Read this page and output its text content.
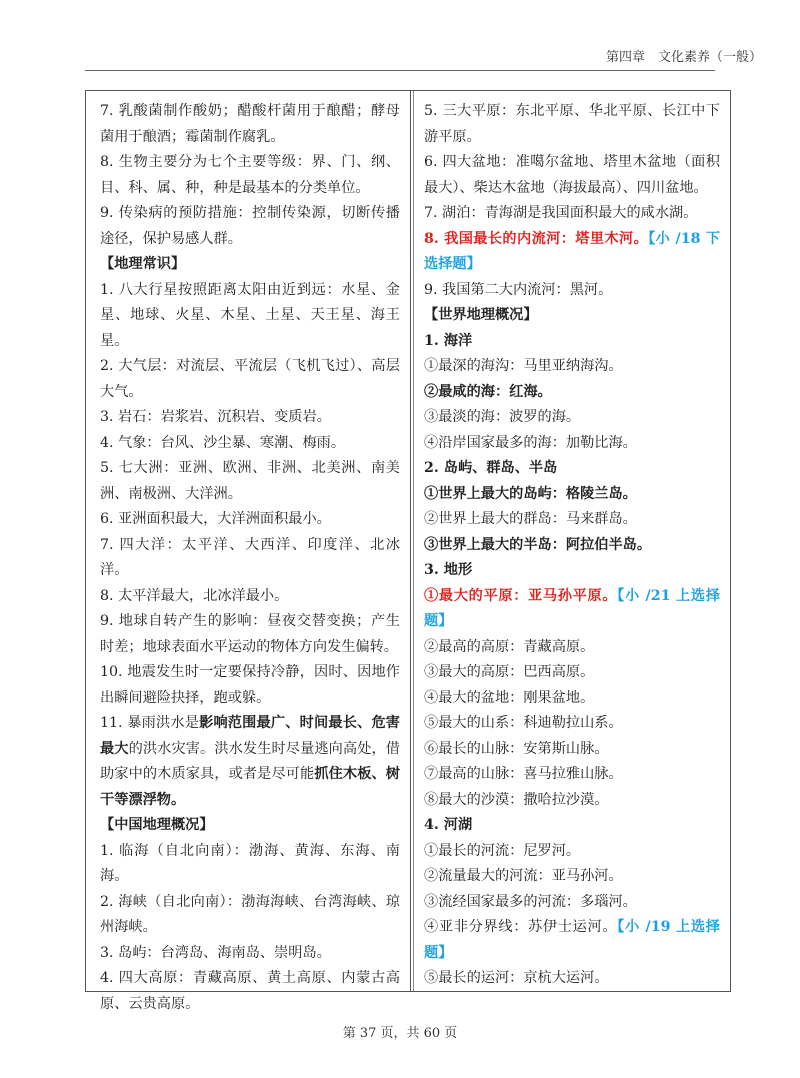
第四章　文化素养（一般）

7. 乳酸菌制作酸奶；醋酸杆菌用于酿醋；酵母菌用于酿酒；霉菌制作腐乳。

8. 生物主要分为七个主要等级：界、门、纲、目、科、属、种，种是最基本的分类单位。

9. 传染病的预防措施：控制传染源，切断传播途径，保护易感人群。

【地理常识】

1. 八大行星按照距离太阳由近到远：水星、金星、地球、火星、木星、土星、天王星、海王星。

2. 大气层：对流层、平流层（飞机飞过）、高层大气。

3. 岩石：岩浆岩、沉积岩、变质岩。

4. 气象：台风、沙尘暴、寒潮、梅雨。

5. 七大洲：亚洲、欧洲、非洲、北美洲、南美洲、南极洲、大洋洲。

6. 亚洲面积最大，大洋洲面积最小。

7. 四大洋：太平洋、大西洋、印度洋、北冰洋。

8. 太平洋最大，北冰洋最小。

9. 地球自转产生的影响：昼夜交替变换；产生时差；地球表面水平运动的物体方向发生偏转。

10. 地震发生时一定要保持冷静，因时、因地作出瞬间避险抉择，跑或躲。

11. 暴雨洪水是影响范围最广、时间最长、危害最大的洪水灾害。洪水发生时尽量逃向高处，借助家中的木质家具，或者是尽可能抓住木板、树干等漂浮物。

【中国地理概况】

1. 临海（自北向南）：渤海、黄海、东海、南海。

2. 海峡（自北向南）：渤海海峡、台湾海峡、琼州海峡。

3. 岛屿：台湾岛、海南岛、崇明岛。

4. 四大高原：青藏高原、黄土高原、内蒙古高原、云贵高原。

5. 三大平原：东北平原、华北平原、长江中下游平原。

6. 四大盆地：准噶尔盆地、塔里木盆地（面积最大）、柴达木盆地（海拔最高）、四川盆地。

7. 湖泊：青海湖是我国面积最大的咸水湖。

8. 我国最长的内流河：塔里木河。【小 /18 下选择题】

9. 我国第二大内流河：黑河。

【世界地理概况】

1. 海洋

①最深的海沟：马里亚纳海沟。

②最咸的海：红海。

③最淡的海：波罗的海。

④沿岸国家最多的海：加勒比海。

2. 岛屿、群岛、半岛

①世界上最大的岛屿：格陵兰岛。

②世界上最大的群岛：马来群岛。

③世界上最大的半岛：阿拉伯半岛。

3. 地形

①最大的平原：亚马孙平原。【小 /21 上选择题】

②最高的高原：青藏高原。

③最大的高原：巴西高原。

④最大的盆地：刚果盆地。

⑤最大的山系：科迪勒拉山系。

⑥最长的山脉：安第斯山脉。

⑦最高的山脉：喜马拉雅山脉。

⑧最大的沙漠：撒哈拉沙漠。

4. 河湖

①最长的河流：尼罗河。

②流量最大的河流：亚马孙河。

③流经国家最多的河流：多瑙河。

④亚非分界线：苏伊士运河。【小 /19 上选择题】

⑤最长的运河：京杭大运河。

第 37 页，共 60 页
